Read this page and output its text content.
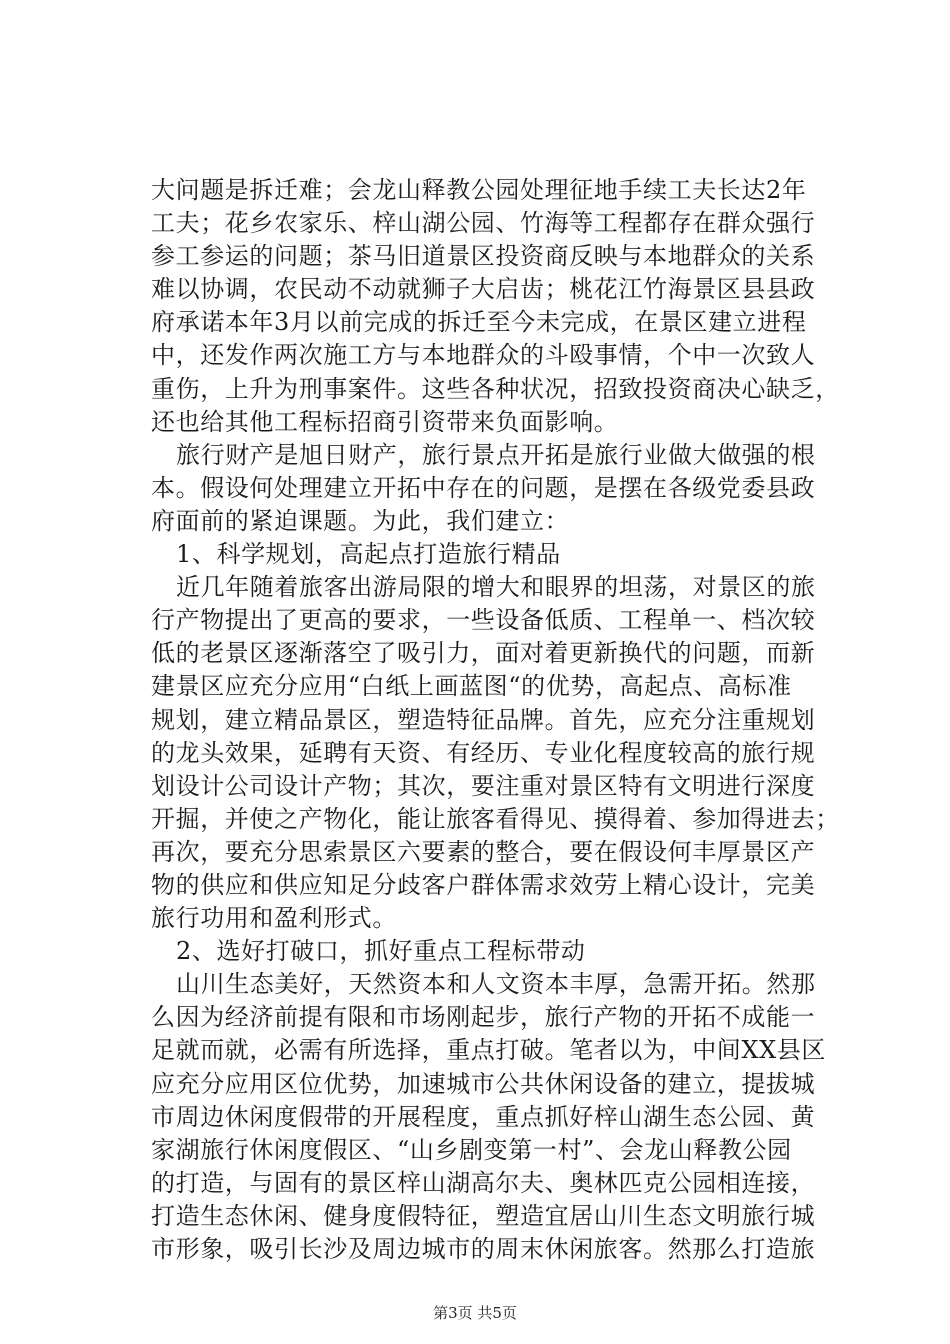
大问题是拆迁难；会龙山释教公园处理征地手续工夫长达2年
工夫；花乡农家乐、梓山湖公园、竹海等工程都存在群众强行
参工参运的问题；茶马旧道景区投资商反映与本地群众的关系
难以协调，农民动不动就狮子大启齿；桃花江竹海景区县县政
府承诺本年3月以前完成的拆迁至今未完成，在景区建立进程
中，还发作两次施工方与本地群众的斗殴事情，个中一次致人
重伤，上升为刑事案件。这些各种状况，招致投资商决心缺乏，
还也给其他工程标招商引资带来负面影响。
旅行财产是旭日财产，旅行景点开拓是旅行业做大做强的根
本。假设何处理建立开拓中存在的问题，是摆在各级党委县政
府面前的紧迫课题。为此，我们建立：
1、科学规划，高起点打造旅行精品
近几年随着旅客出游局限的增大和眼界的坦荡，对景区的旅
行产物提出了更高的要求，一些设备低质、工程单一、档次较
低的老景区逐渐落空了吸引力，面对着更新换代的问题，而新
建景区应充分应用“白纸上画蓝图“的优势，高起点、高标准
规划，建立精品景区，塑造特征品牌。首先，应充分注重规划
的龙头效果，延聘有天资、有经历、专业化程度较高的旅行规
划设计公司设计产物；其次，要注重对景区特有文明进行深度
开掘，并使之产物化，能让旅客看得见、摸得着、参加得进去；
再次，要充分思索景区六要素的整合，要在假设何丰厚景区产
物的供应和供应知足分歧客户群体需求效劳上精心设计，完美
旅行功用和盈利形式。
2、选好打破口，抓好重点工程标带动
山川生态美好，天然资本和人文资本丰厚，急需开拓。然那
么因为经济前提有限和市场刚起步，旅行产物的开拓不成能一
足就而就，必需有所选择，重点打破。笔者以为，中间XX县区
应充分应用区位优势，加速城市公共休闲设备的建立，提拔城
市周边休闲度假带的开展程度，重点抓好梓山湖生态公园、黄
家湖旅行休闲度假区、“山乡剧变第一村”、会龙山释教公园
的打造，与固有的景区梓山湖高尔夫、奥林匹克公园相连接，
打造生态休闲、健身度假特征，塑造宜居山川生态文明旅行城
市形象，吸引长沙及周边城市的周末休闲旅客。然那么打造旅
第3页 共5页
